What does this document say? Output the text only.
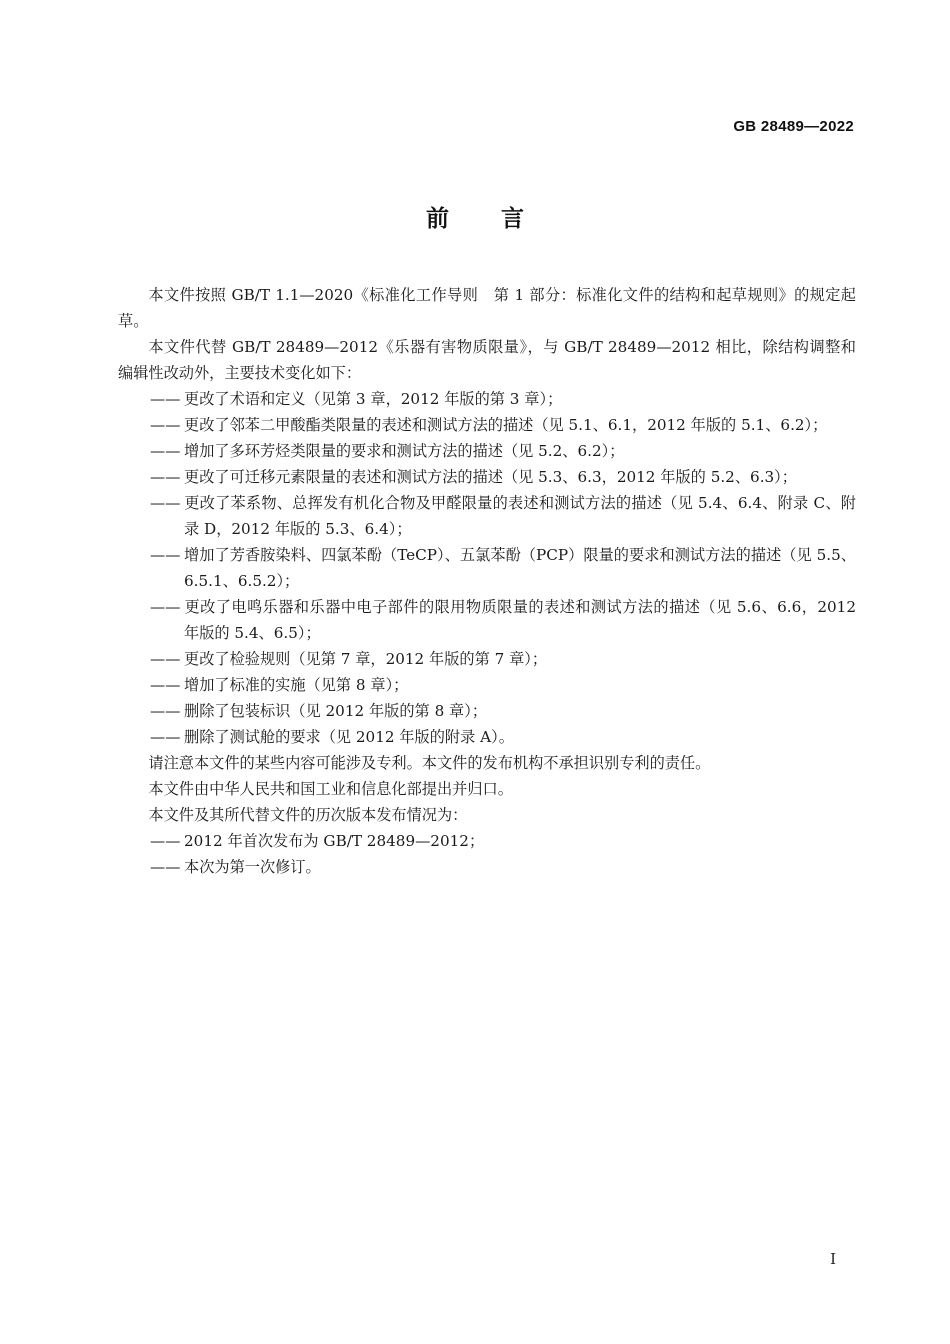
GB 28489—2022
前言

本文件按照 GB/T 1.1—2020《标准化工作导则　第 1 部分：标准化文件的结构和起草规则》的规定起草。

本文件代替 GB/T 28489—2012《乐器有害物质限量》，与 GB/T 28489—2012 相比，除结构调整和编辑性改动外，主要技术变化如下：

—— 更改了术语和定义（见第 3 章，2012 年版的第 3 章）；

—— 更改了邻苯二甲酸酯类限量的表述和测试方法的描述（见 5.1、6.1，2012 年版的 5.1、6.2）；

—— 增加了多环芳烃类限量的要求和测试方法的描述（见 5.2、6.2）；

—— 更改了可迁移元素限量的表述和测试方法的描述（见 5.3、6.3，2012 年版的 5.2、6.3）；

—— 更改了苯系物、总挥发有机化合物及甲醛限量的表述和测试方法的描述（见 5.4、6.4、附录 C、附录 D，2012 年版的 5.3、6.4）；

—— 增加了芳香胺染料、四氯苯酚（TeCP）、五氯苯酚（PCP）限量的要求和测试方法的描述（见 5.5、6.5.1、6.5.2）；

—— 更改了电鸣乐器和乐器中电子部件的限用物质限量的表述和测试方法的描述（见 5.6、6.6，2012 年版的 5.4、6.5）；

—— 更改了检验规则（见第 7 章，2012 年版的第 7 章）；

—— 增加了标准的实施（见第 8 章）；

—— 删除了包装标识（见 2012 年版的第 8 章）；

—— 删除了测试舱的要求（见 2012 年版的附录 A）。

请注意本文件的某些内容可能涉及专利。本文件的发布机构不承担识别专利的责任。

本文件由中华人民共和国工业和信息化部提出并归口。

本文件及其所代替文件的历次版本发布情况为：

—— 2012 年首次发布为 GB/T 28489—2012；

—— 本次为第一次修订。

I
